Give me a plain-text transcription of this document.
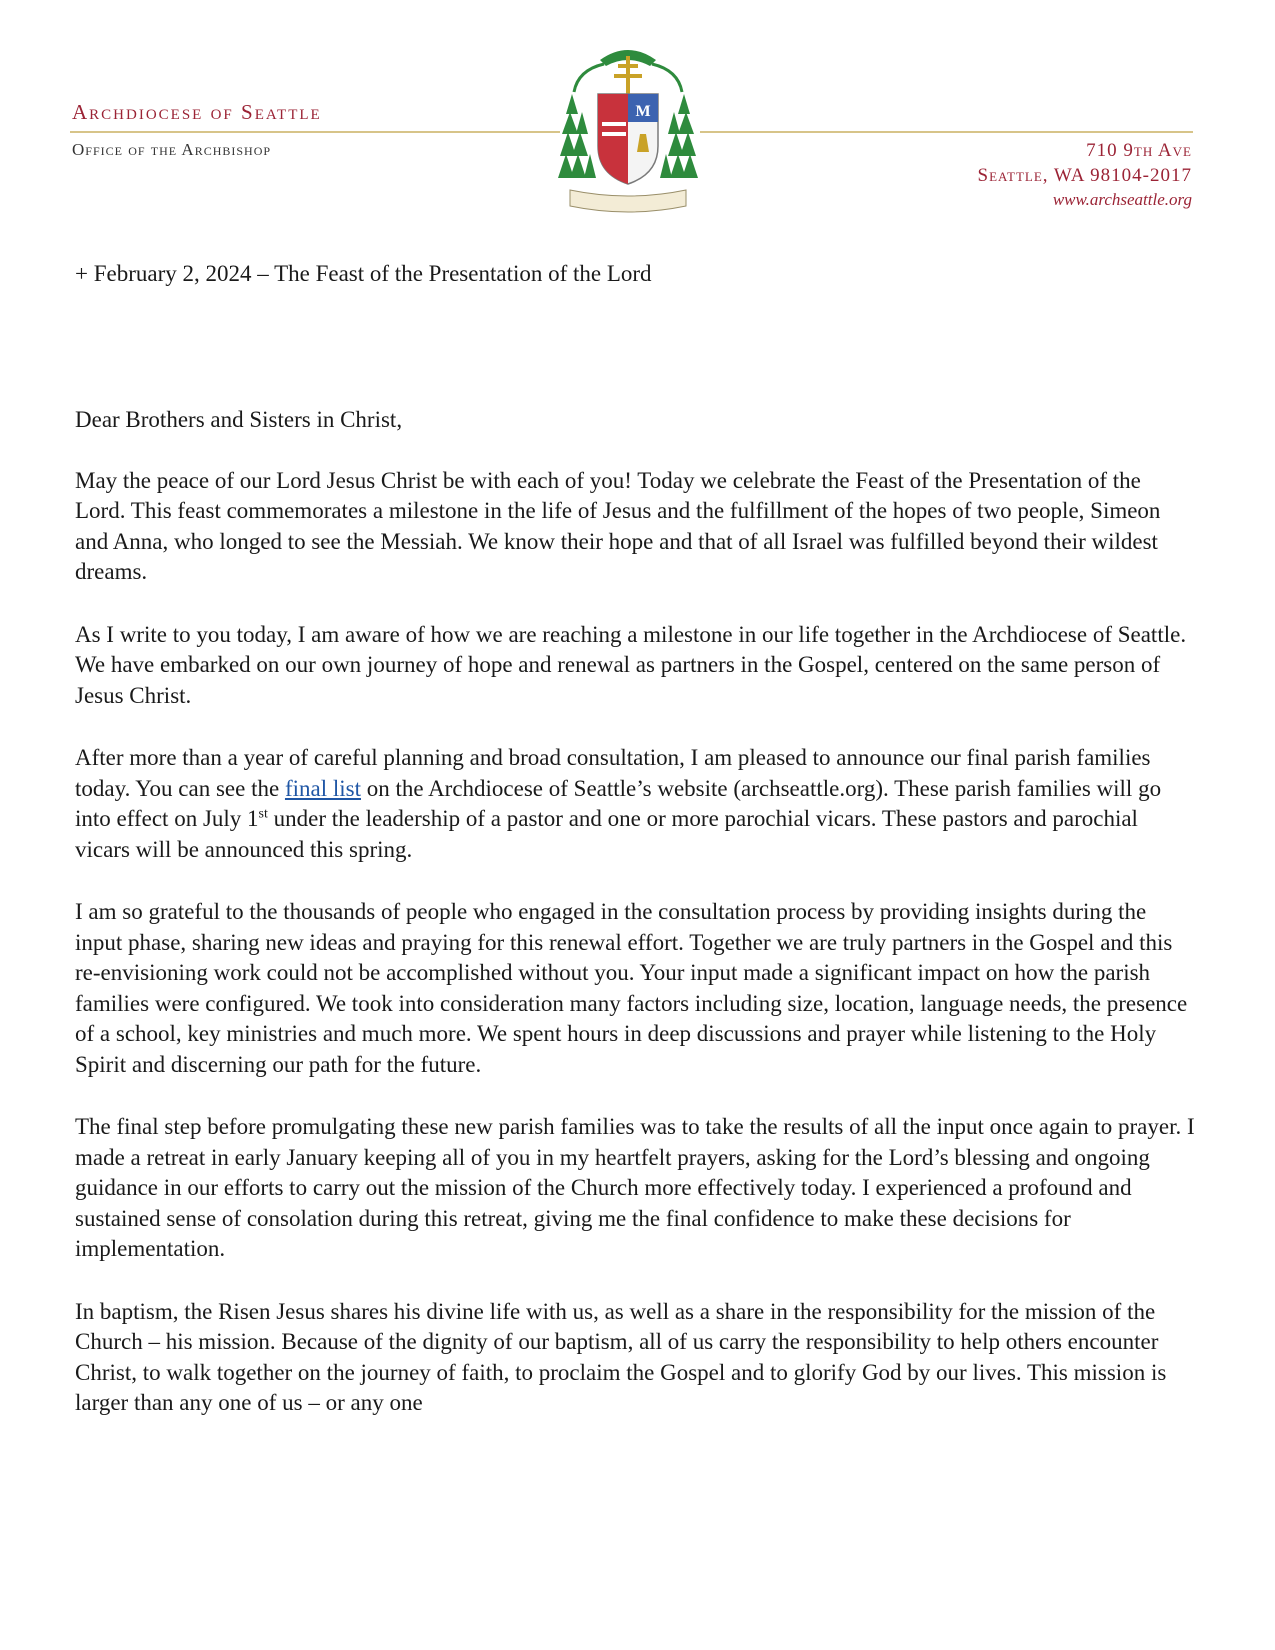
Archdiocese of Seattle
Office of the Archbishop
M
710 9th Ave
Seattle, WA 98104-2017
www.archseattle.org
+ February 2, 2024 – The Feast of the Presentation of the Lord

Dear Brothers and Sisters in Christ,

May the peace of our Lord Jesus Christ be with each of you! Today we celebrate the Feast of the Presentation of the Lord. This feast commemorates a milestone in the life of Jesus and the fulfillment of the hopes of two people, Simeon and Anna, who longed to see the Messiah. We know their hope and that of all Israel was fulfilled beyond their wildest dreams.

As I write to you today, I am aware of how we are reaching a milestone in our life together in the Archdiocese of Seattle. We have embarked on our own journey of hope and renewal as partners in the Gospel, centered on the same person of Jesus Christ.

After more than a year of careful planning and broad consultation, I am pleased to announce our final parish families today. You can see the final list on the Archdiocese of Seattle’s website (archseattle.org). These parish families will go into effect on July 1st under the leadership of a pastor and one or more parochial vicars. These pastors and parochial vicars will be announced this spring.

I am so grateful to the thousands of people who engaged in the consultation process by providing insights during the input phase, sharing new ideas and praying for this renewal effort. Together we are truly partners in the Gospel and this re-envisioning work could not be accomplished without you. Your input made a significant impact on how the parish families were configured. We took into consideration many factors including size, location, language needs, the presence of a school, key ministries and much more. We spent hours in deep discussions and prayer while listening to the Holy Spirit and discerning our path for the future.

The final step before promulgating these new parish families was to take the results of all the input once again to prayer. I made a retreat in early January keeping all of you in my heartfelt prayers, asking for the Lord’s blessing and ongoing guidance in our efforts to carry out the mission of the Church more effectively today. I experienced a profound and sustained sense of consolation during this retreat, giving me the final confidence to make these decisions for implementation.

In baptism, the Risen Jesus shares his divine life with us, as well as a share in the responsibility for the mission of the Church – his mission. Because of the dignity of our baptism, all of us carry the responsibility to help others encounter Christ, to walk together on the journey of faith, to proclaim the Gospel and to glorify God by our lives. This mission is larger than any one of us – or any one
